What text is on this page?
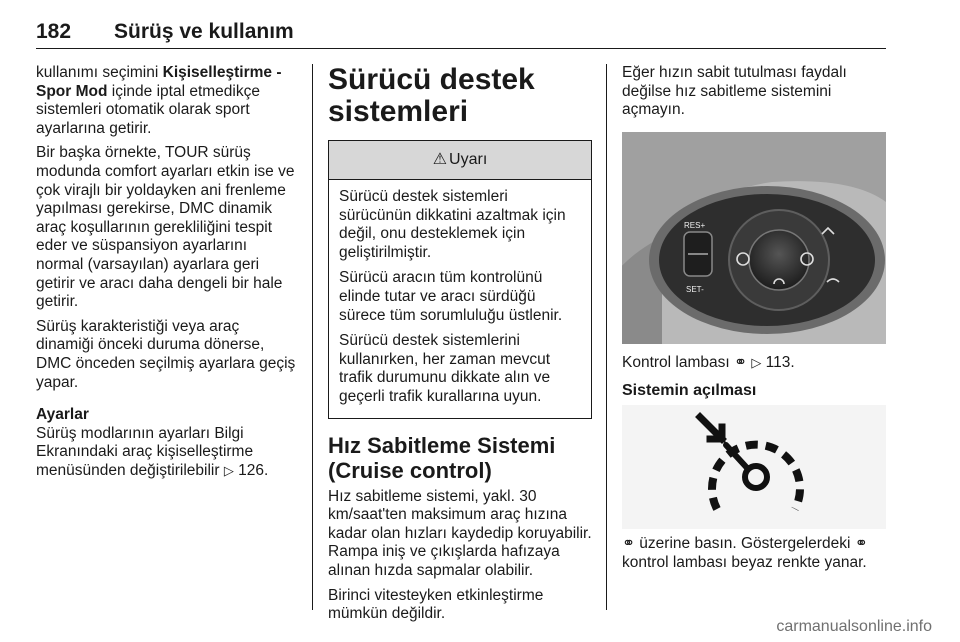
182 Sürüş ve kullanım

kullanımı seçimini Kişiselleştirme - Spor Mod içinde iptal etmedikçe sistemleri otomatik olarak sport ayarlarına getirir.

Bir başka örnekte, TOUR sürüş modunda comfort ayarları etkin ise ve çok virajlı bir yoldayken ani frenleme yapılması gerekirse, DMC dinamik araç koşullarının gerekliliğini tespit eder ve süspansiyon ayarlarını normal (varsayılan) ayarlara geri getirir ve aracı daha dengeli bir hale getirir.

Sürüş karakteristiği veya araç dinamiği önceki duruma dönerse, DMC önceden seçilmiş ayarlara geçiş yapar.

Ayarlar

Sürüş modlarının ayarları Bilgi Ekranındaki araç kişiselleştirme menüsünden değiştirilebilir ▷ 126.

Sürücü destek sistemleri
⚠ Uyarı

Sürücü destek sistemleri sürücünün dikkatini azaltmak için değil, onu desteklemek için geliştirilmiştir.

Sürücü aracın tüm kontrolünü elinde tutar ve aracı sürdüğü sürece tüm sorumluluğu üstlenir.

Sürücü destek sistemlerini kullanırken, her zaman mevcut trafik durumunu dikkate alın ve geçerli trafik kurallarına uyun.

Hız Sabitleme Sistemi (Cruise control)

Hız sabitleme sistemi, yakl. 30 km/saat'ten maksimum araç hızına kadar olan hızları kaydedip koruyabilir. Rampa iniş ve çıkışlarda hafızaya alınan hızda sapmalar olabilir.

Birinci vitesteyken etkinleştirme mümkün değildir.

Eğer hızın sabit tutulması faydalı değilse hız sabitleme sistemini açmayın.

RES+
SET-

Kontrol lambası ⚭ ▷ 113.

Sistemin açılması

⚭ üzerine basın. Göstergelerdeki ⚭ kontrol lambası beyaz renkte yanar.

carmanualsonline.info
